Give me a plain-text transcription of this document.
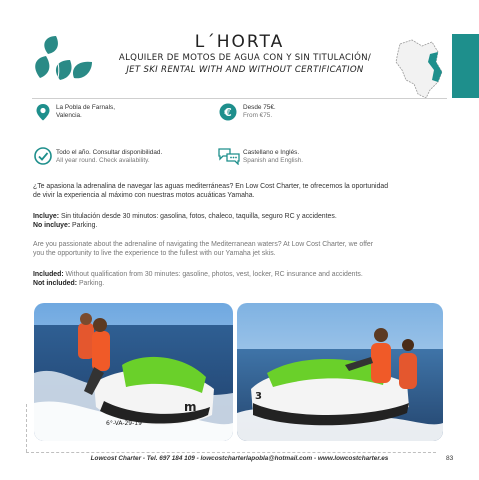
L´HORTA
ALQUILER DE MOTOS DE AGUA CON Y SIN TITULACIÓN/
JET SKI RENTAL WITH AND WITHOUT CERTIFICATION
La Pobla de Farnals,
Valencia.	€ Desde 75€.
From €75.
Todo el año. Consultar disponibilidad.
All year round. Check availability.
Castellano e Inglés.
Spanish and English.
¿Te apasiona la adrenalina de navegar las aguas mediterráneas? En Low Cost Charter, te ofrecemos la oportunidad
de vivir la experiencia al máximo con nuestras motos acuáticas Yamaha.
Incluye: Sin titulación desde 30 minutos: gasolina, fotos, chaleco, taquilla, seguro RC y accidentes.
No incluye: Parking.
Are you passionate about the adrenaline of navigating the Mediterranean waters? At Low Cost Charter, we offer
you the opportunity to live the experience to the fullest with our Yamaha jet skis.
Included: Without qualification from 30 minutes: gasoline, photos, vest, locker, RC insurance and accidents.
Not included: Parking.
m
6°-VA-29-19
3
6°-VA-29-19
Lowcost Charter - Tel. 697 184 109 - lowcostcharterlapobla@hotmail.com - www.lowcostcharter.es	83
